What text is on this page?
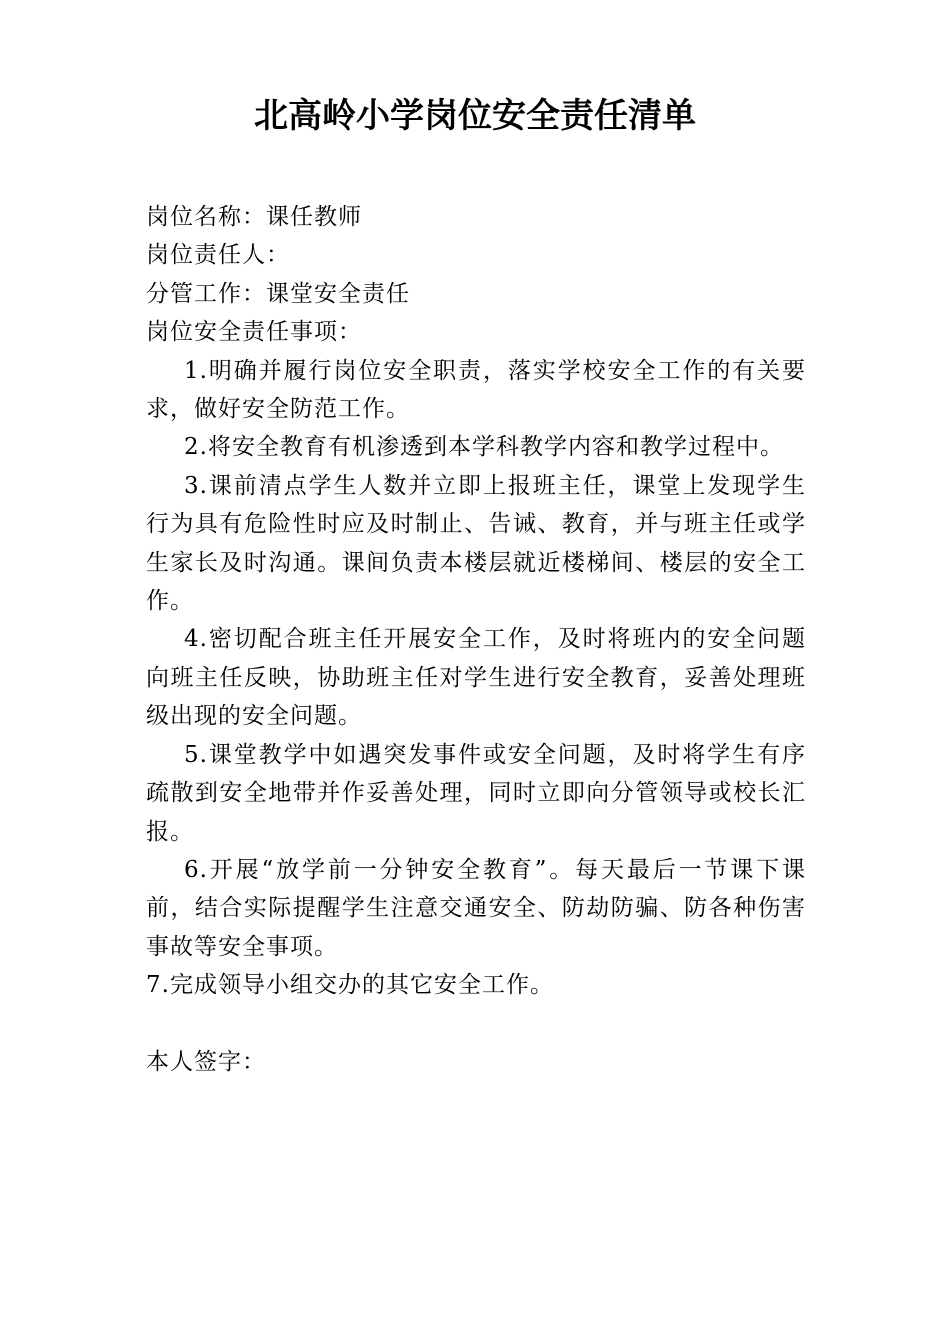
北高岭小学岗位安全责任清单

岗位名称：课任教师

岗位责任人：

分管工作：课堂安全责任

岗位安全责任事项：

1.明确并履行岗位安全职责，落实学校安全工作的有关要求，做好安全防范工作。

2.将安全教育有机渗透到本学科教学内容和教学过程中。

3.课前清点学生人数并立即上报班主任，课堂上发现学生行为具有危险性时应及时制止、告诫、教育，并与班主任或学生家长及时沟通。课间负责本楼层就近楼梯间、楼层的安全工作。

4.密切配合班主任开展安全工作，及时将班内的安全问题向班主任反映，协助班主任对学生进行安全教育，妥善处理班级出现的安全问题。

5.课堂教学中如遇突发事件或安全问题，及时将学生有序疏散到安全地带并作妥善处理，同时立即向分管领导或校长汇报。

6.开展“放学前一分钟安全教育”。每天最后一节课下课前，结合实际提醒学生注意交通安全、防劫防骗、防各种伤害事故等安全事项。

7.完成领导小组交办的其它安全工作。

本人签字：
